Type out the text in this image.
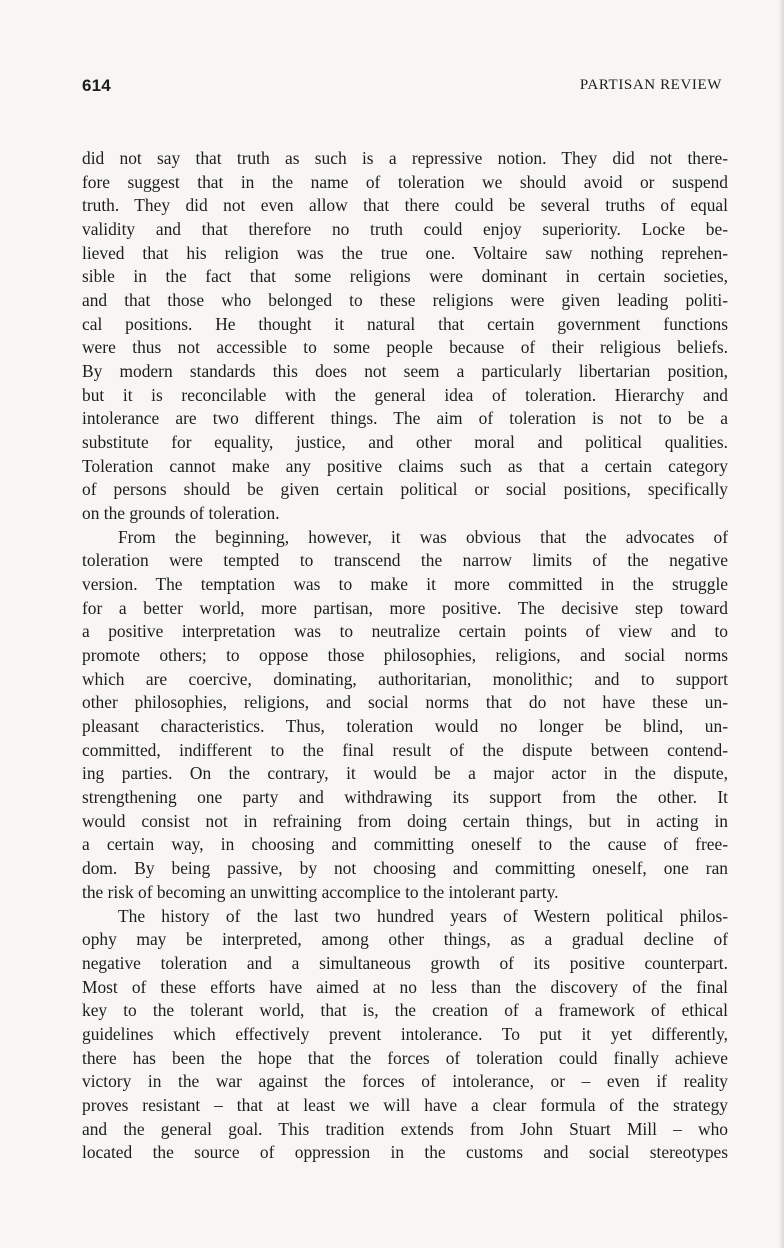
614	PARTISAN REVIEW
did not say that truth as such is a repressive notion. They did not there-
fore suggest that in the name of toleration we should avoid or suspend
truth. They did not even allow that there could be several truths of equal
validity and that therefore no truth could enjoy superiority. Locke be-
lieved that his religion was the true one. Voltaire saw nothing reprehen-
sible in the fact that some religions were dominant in certain societies,
and that those who belonged to these religions were given leading politi-
cal positions. He thought it natural that certain government functions
were thus not accessible to some people because of their religious beliefs.
By modern standards this does not seem a particularly libertarian position,
but it is reconcilable with the general idea of toleration. Hierarchy and
intolerance are two different things. The aim of toleration is not to be a
substitute for equality, justice, and other moral and political qualities.
Toleration cannot make any positive claims such as that a certain category
of persons should be given certain political or social positions, specifically
on the grounds of toleration.
From the beginning, however, it was obvious that the advocates of
toleration were tempted to transcend the narrow limits of the negative
version. The temptation was to make it more committed in the struggle
for a better world, more partisan, more positive. The decisive step toward
a positive interpretation was to neutralize certain points of view and to
promote others; to oppose those philosophies, religions, and social norms
which are coercive, dominating, authoritarian, monolithic; and to support
other philosophies, religions, and social norms that do not have these un-
pleasant characteristics. Thus, toleration would no longer be blind, un-
committed, indifferent to the final result of the dispute between contend-
ing parties. On the contrary, it would be a major actor in the dispute,
strengthening one party and withdrawing its support from the other. It
would consist not in refraining from doing certain things, but in acting in
a certain way, in choosing and committing oneself to the cause of free-
dom. By being passive, by not choosing and committing oneself, one ran
the risk of becoming an unwitting accomplice to the intolerant party.
The history of the last two hundred years of Western political philos-
ophy may be interpreted, among other things, as a gradual decline of
negative toleration and a simultaneous growth of its positive counterpart.
Most of these efforts have aimed at no less than the discovery of the final
key to the tolerant world, that is, the creation of a framework of ethical
guidelines which effectively prevent intolerance. To put it yet differently,
there has been the hope that the forces of toleration could finally achieve
victory in the war against the forces of intolerance, or – even if reality
proves resistant – that at least we will have a clear formula of the strategy
and the general goal. This tradition extends from John Stuart Mill – who
located the source of oppression in the customs and social stereotypes
